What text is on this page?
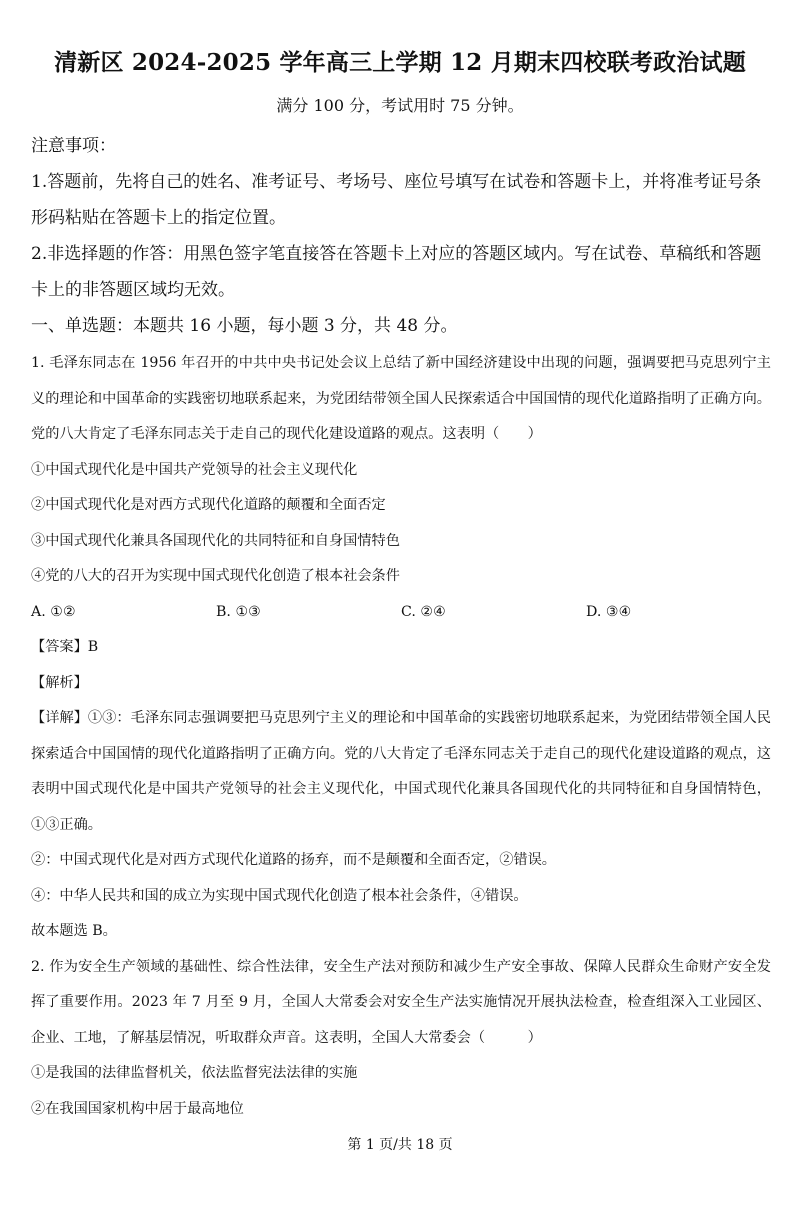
清新区 2024-2025 学年高三上学期 12 月期末四校联考政治试题
满分 100 分，考试用时 75 分钟。

注意事项：

1.答题前，先将自己的姓名、准考证号、考场号、座位号填写在试卷和答题卡上，并将准考证号条形码粘贴在答题卡上的指定位置。

2.非选择题的作答：用黑色签字笔直接答在答题卡上对应的答题区域内。写在试卷、草稿纸和答题卡上的非答题区域均无效。

一、单选题：本题共 16 小题，每小题 3 分，共 48 分。

1. 毛泽东同志在 1956 年召开的中共中央书记处会议上总结了新中国经济建设中出现的问题，强调要把马克思列宁主义的理论和中国革命的实践密切地联系起来，为党团结带领全国人民探索适合中国国情的现代化道路指明了正确方向。党的八大肯定了毛泽东同志关于走自己的现代化建设道路的观点。这表明（　　）

①中国式现代化是中国共产党领导的社会主义现代化

②中国式现代化是对西方式现代化道路的颠覆和全面否定

③中国式现代化兼具各国现代化的共同特征和自身国情特色

④党的八大的召开为实现中国式现代化创造了根本社会条件

A. ①②	B. ①③	C. ②④	D. ③④

【答案】B

【解析】

【详解】①③：毛泽东同志强调要把马克思列宁主义的理论和中国革命的实践密切地联系起来，为党团结带领全国人民探索适合中国国情的现代化道路指明了正确方向。党的八大肯定了毛泽东同志关于走自己的现代化建设道路的观点，这表明中国式现代化是中国共产党领导的社会主义现代化，中国式现代化兼具各国现代化的共同特征和自身国情特色，①③正确。

②：中国式现代化是对西方式现代化道路的扬弃，而不是颠覆和全面否定，②错误。

④：中华人民共和国的成立为实现中国式现代化创造了根本社会条件，④错误。

故本题选 B。

2. 作为安全生产领域的基础性、综合性法律，安全生产法对预防和减少生产安全事故、保障人民群众生命财产安全发挥了重要作用。2023 年 7 月至 9 月，全国人大常委会对安全生产法实施情况开展执法检查，检查组深入工业园区、企业、工地，了解基层情况，听取群众声音。这表明，全国人大常委会（　　　）

①是我国的法律监督机关，依法监督宪法法律的实施

②在我国国家机构中居于最高地位

第 1 页/共 18 页
